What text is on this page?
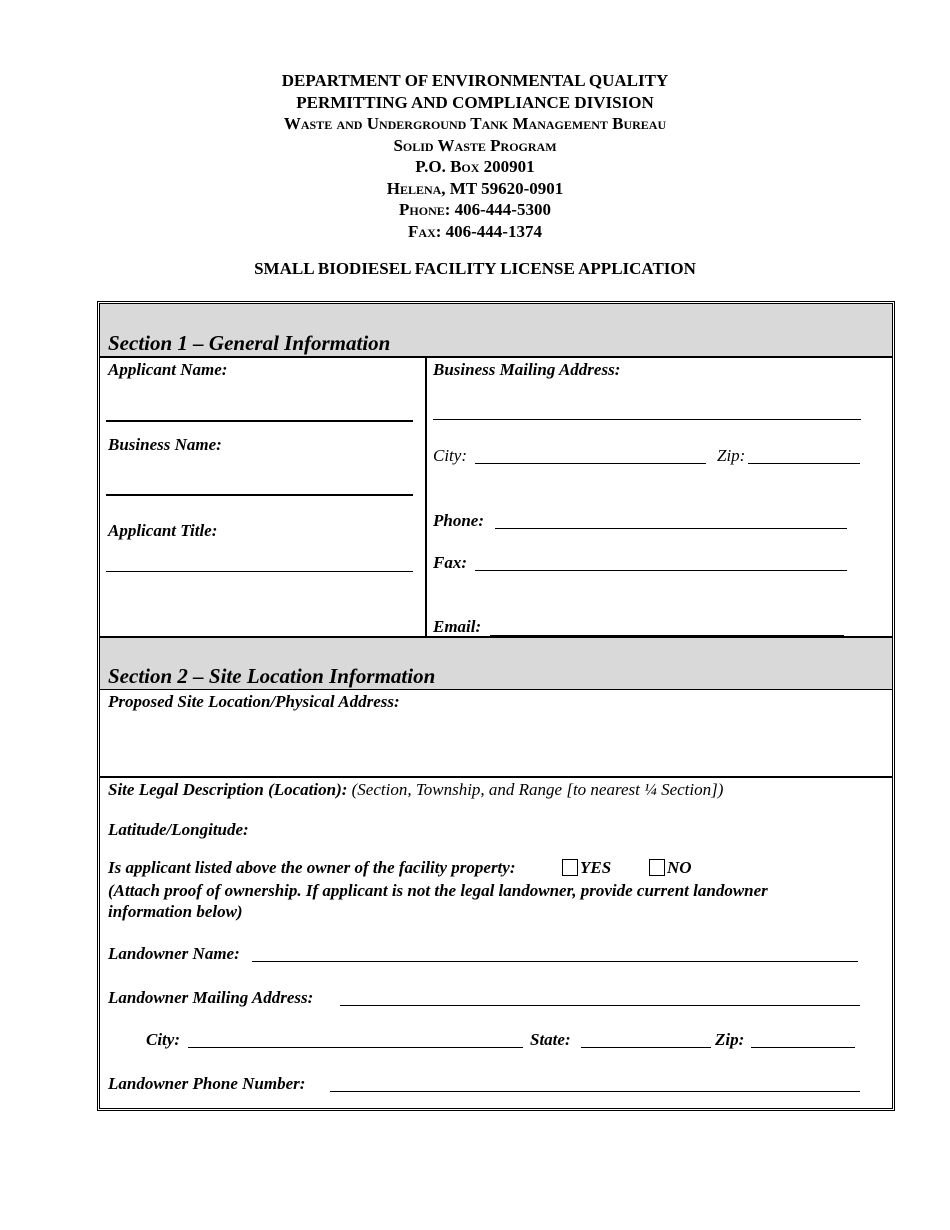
DEPARTMENT OF ENVIRONMENTAL QUALITY
PERMITTING AND COMPLIANCE DIVISION
Waste and Underground Tank Management Bureau
Solid Waste Program
P.O. Box 200901
Helena, MT 59620-0901
Phone: 406-444-5300
Fax: 406-444-1374
SMALL BIODIESEL FACILITY LICENSE APPLICATION
Section 1 – General Information
Applicant Name:
Business Name:
Applicant Title:
Business Mailing Address:
City:	Zip:
Phone:
Fax:
Email:
Section 2 – Site Location Information
Proposed Site Location/Physical Address:
Site Legal Description (Location): (Section, Township, and Range [to nearest ¼ Section])
Latitude/Longitude:
Is applicant listed above the owner of the facility property:	YES	NO
(Attach proof of ownership. If applicant is not the legal landowner, provide current landowner information below)
Landowner Name:
Landowner Mailing Address:
City:	State:	Zip:
Landowner Phone Number:
